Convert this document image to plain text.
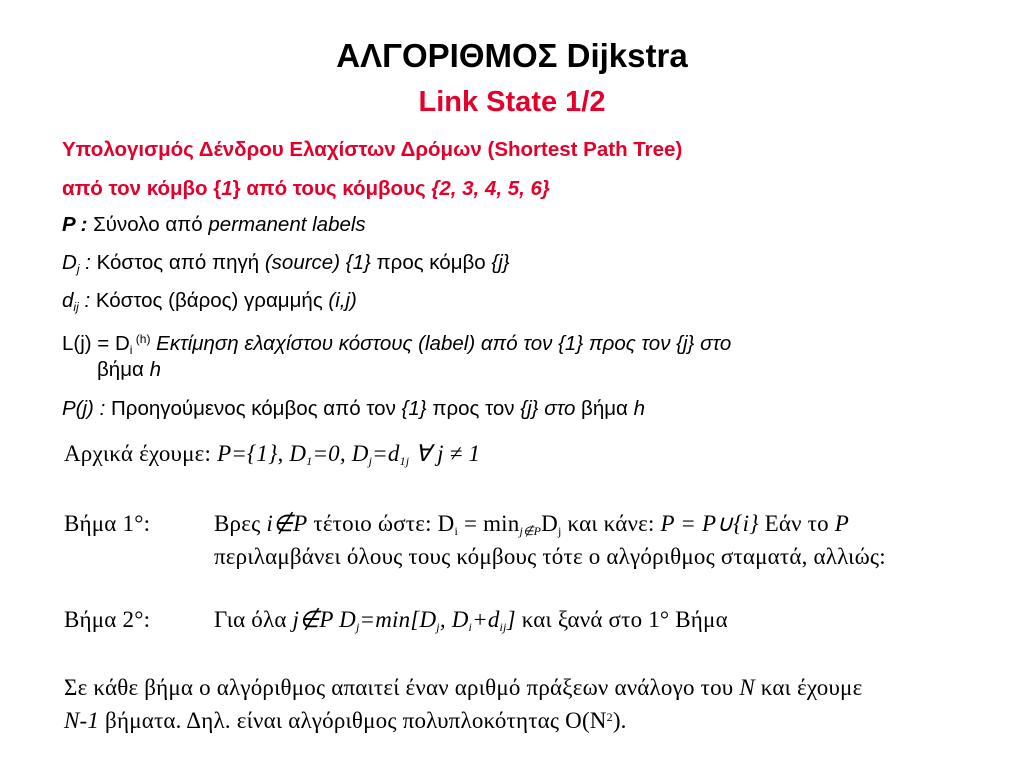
ΑΛΓΟΡΙΘΜΟΣ Dijkstra
Link State 1/2
Υπολογισμός Δένδρου Ελαχίστων Δρόμων (Shortest Path Tree)
από τον κόμβο {1} από τους κόμβους {2, 3, 4, 5, 6}
P : Σύνολο από permanent labels
$D_j$ : Κόστος από πηγή (source) {1} προς κόμβο {j}
$d_{ij}$ : Κόστος (βάρος) γραμμής (i,j)
$L(j) = D_i$ $^{(h)}$ Εκτίμηση ελαχίστου κόστους (label) από τον {1} προς τον {j} στο
βήμα h
P(j) : Προηγούμενος κόμβος από τον {1} προς τον {j} στο βήμα h
Αρχικά έχουμε: P={1}, $D_1=0$, $D_j=d_{1j}$ ∀ j ≠ 1
Βήμα 1°:	Βρες i∉P τέτοιο ώστε: $D_i = \min_{j\notin P}D_j$ και κάνε: P = P∪{i} Εάν το P
περιλαμβάνει όλους τους κόμβους τότε ο αλγόριθμος σταματά, αλλιώς:
Βήμα 2°:	Για όλα j∉P $D_j=\min[D_j$, $D_i+d_{ij}$] και ξανά στο 1° Βήμα
Σε κάθε βήμα ο αλγόριθμος απαιτεί έναν αριθμό πράξεων ανάλογο του N και έχουμε
N-1 βήματα. Δηλ. είναι αλγόριθμος πολυπλοκότητας $O(N^2)$.
